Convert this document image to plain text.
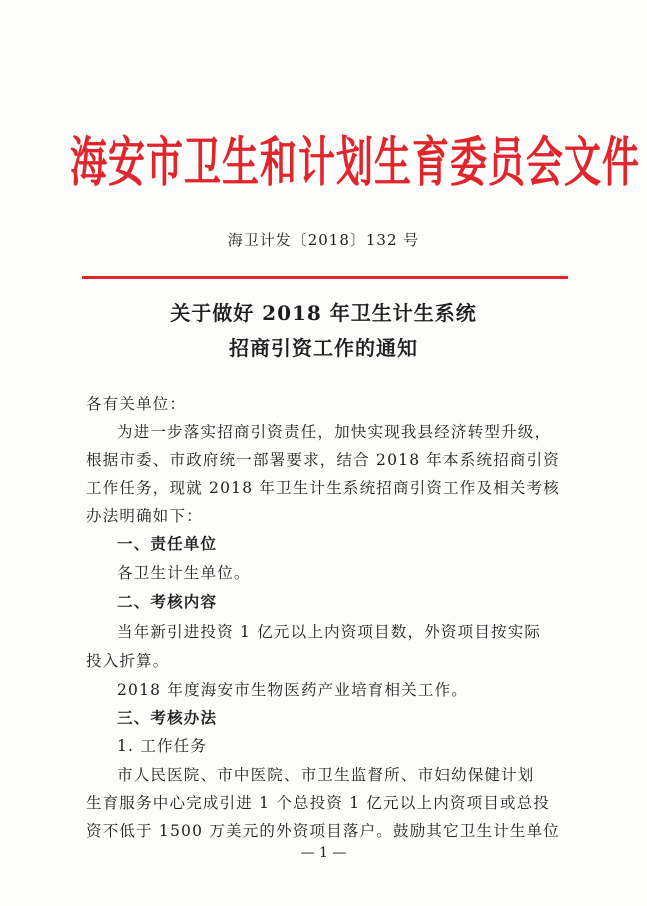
海安市卫生和计划生育委员会文件
海卫计发〔2018〕132 号
关于做好 2018 年卫生计生系统
招商引资工作的通知
各有关单位：
为进一步落实招商引资责任，加快实现我县经济转型升级，
根据市委、市政府统一部署要求，结合 2018 年本系统招商引资
工作任务，现就 2018 年卫生计生系统招商引资工作及相关考核
办法明确如下：
一、责任单位
各卫生计生单位。
二、考核内容
当年新引进投资 1 亿元以上内资项目数，外资项目按实际
投入折算。
2018 年度海安市生物医药产业培育相关工作。
三、考核办法
1. 工作任务
市人民医院、市中医院、市卫生监督所、市妇幼保健计划
生育服务中心完成引进 1 个总投资 1 亿元以上内资项目或总投
资不低于 1500 万美元的外资项目落户。鼓励其它卫生计生单位
— 1 —
